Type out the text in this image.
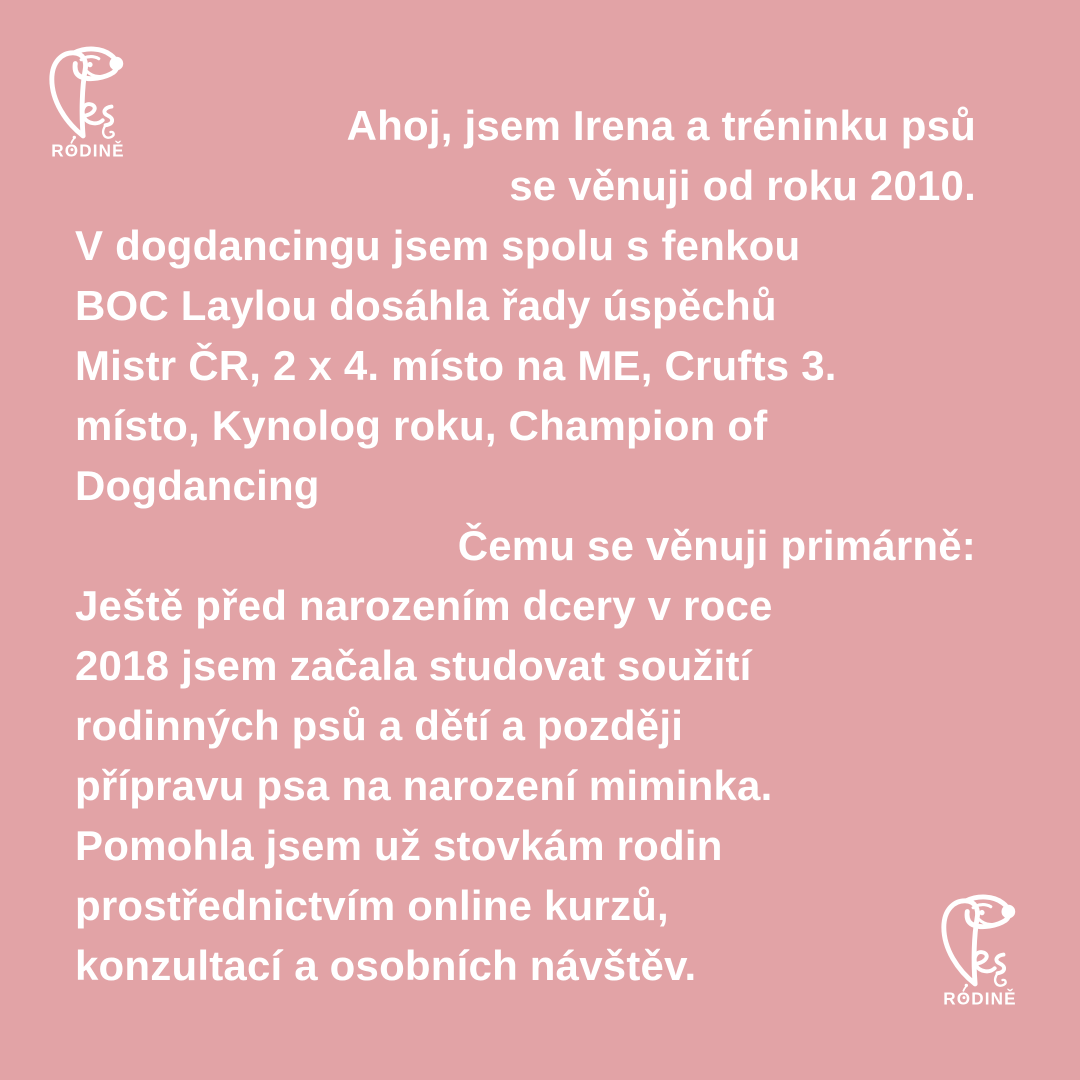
RODINĚ
Ahoj, jsem Irena a tréninku psů
se věnuji od roku 2010.
V dogdancingu jsem spolu s fenkou
BOC Laylou dosáhla řady úspěchů
Mistr ČR, 2 x 4. místo na ME, Crufts 3.
místo, Kynolog roku, Champion of
Dogdancing
Čemu se věnuji primárně:
Ještě před narozením dcery v roce
2018 jsem začala studovat soužití
rodinných psů a dětí a později
přípravu psa na narození miminka.
Pomohla jsem už stovkám rodin
prostřednictvím online kurzů,
konzultací a osobních návštěv.
RODINĚ
